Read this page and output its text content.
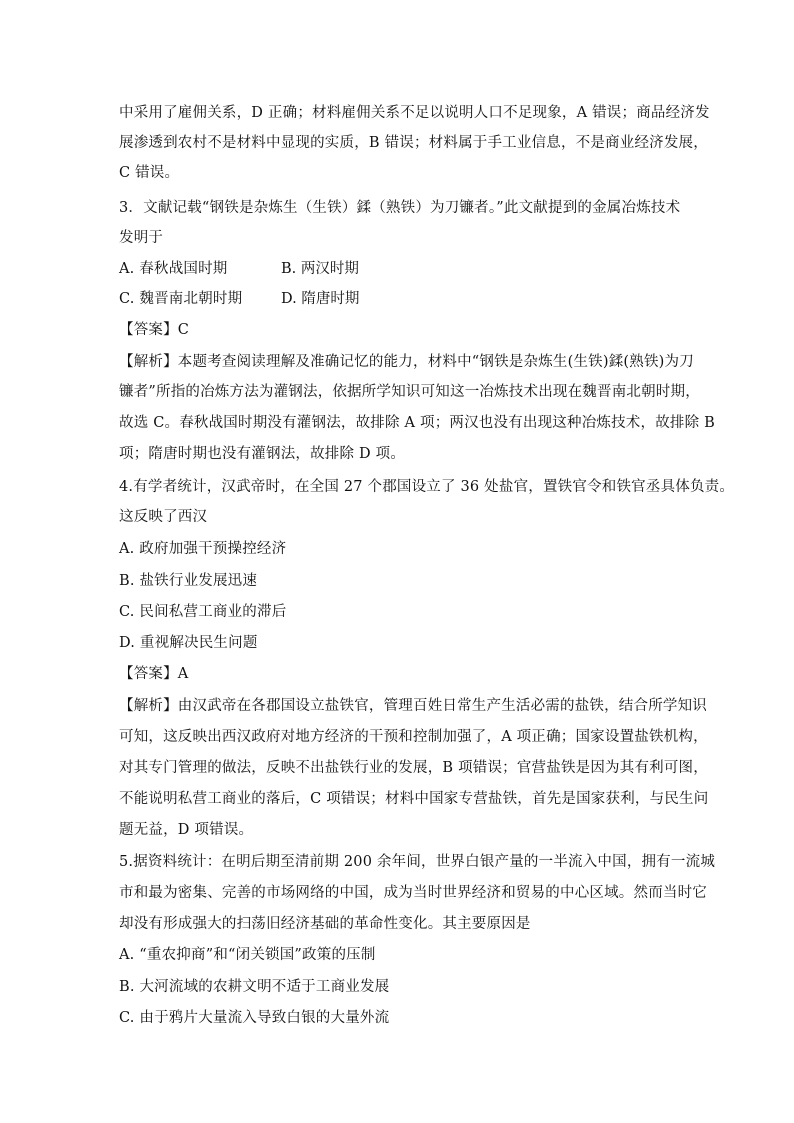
中采用了雇佣关系，D 正确；材料雇佣关系不足以说明人口不足现象，A 错误；商品经济发
展渗透到农村不是材料中显现的实质，B 错误；材料属于手工业信息，不是商业经济发展，
C 错误。
3．文献记载“钢铁是杂炼生（生铁）鍒（熟铁）为刀镰者。”此文献提到的金属冶炼技术
发明于
A. 春秋战国时期	B. 两汉时期
C. 魏晋南北朝时期	D. 隋唐时期
【答案】C
【解析】本题考查阅读理解及准确记忆的能力，材料中“钢铁是杂炼生(生铁)鍒(熟铁)为刀
镰者”所指的冶炼方法为灌钢法，依据所学知识可知这一冶炼技术出现在魏晋南北朝时期，
故选 C。春秋战国时期没有灌钢法，故排除 A 项；两汉也没有出现这种冶炼技术，故排除 B
项；隋唐时期也没有灌钢法，故排除 D 项。
4.有学者统计，汉武帝时，在全国 27 个郡国设立了 36 处盐官，置铁官令和铁官丞具体负责。
这反映了西汉
A. 政府加强干预操控经济
B. 盐铁行业发展迅速
C. 民间私营工商业的滞后
D. 重视解决民生问题
【答案】A
【解析】由汉武帝在各郡国设立盐铁官，管理百姓日常生产生活必需的盐铁，结合所学知识
可知，这反映出西汉政府对地方经济的干预和控制加强了，A 项正确；国家设置盐铁机构，
对其专门管理的做法，反映不出盐铁行业的发展，B 项错误；官营盐铁是因为其有利可图，
不能说明私营工商业的落后，C 项错误；材料中国家专营盐铁，首先是国家获利，与民生问
题无益，D 项错误。
5.据资料统计：在明后期至清前期 200 余年间，世界白银产量的一半流入中国，拥有一流城
市和最为密集、完善的市场网络的中国，成为当时世界经济和贸易的中心区域。然而当时它
却没有形成强大的扫荡旧经济基础的革命性变化。其主要原因是
A. “重农抑商”和“闭关锁国”政策的压制
B. 大河流域的农耕文明不适于工商业发展
C. 由于鸦片大量流入导致白银的大量外流
